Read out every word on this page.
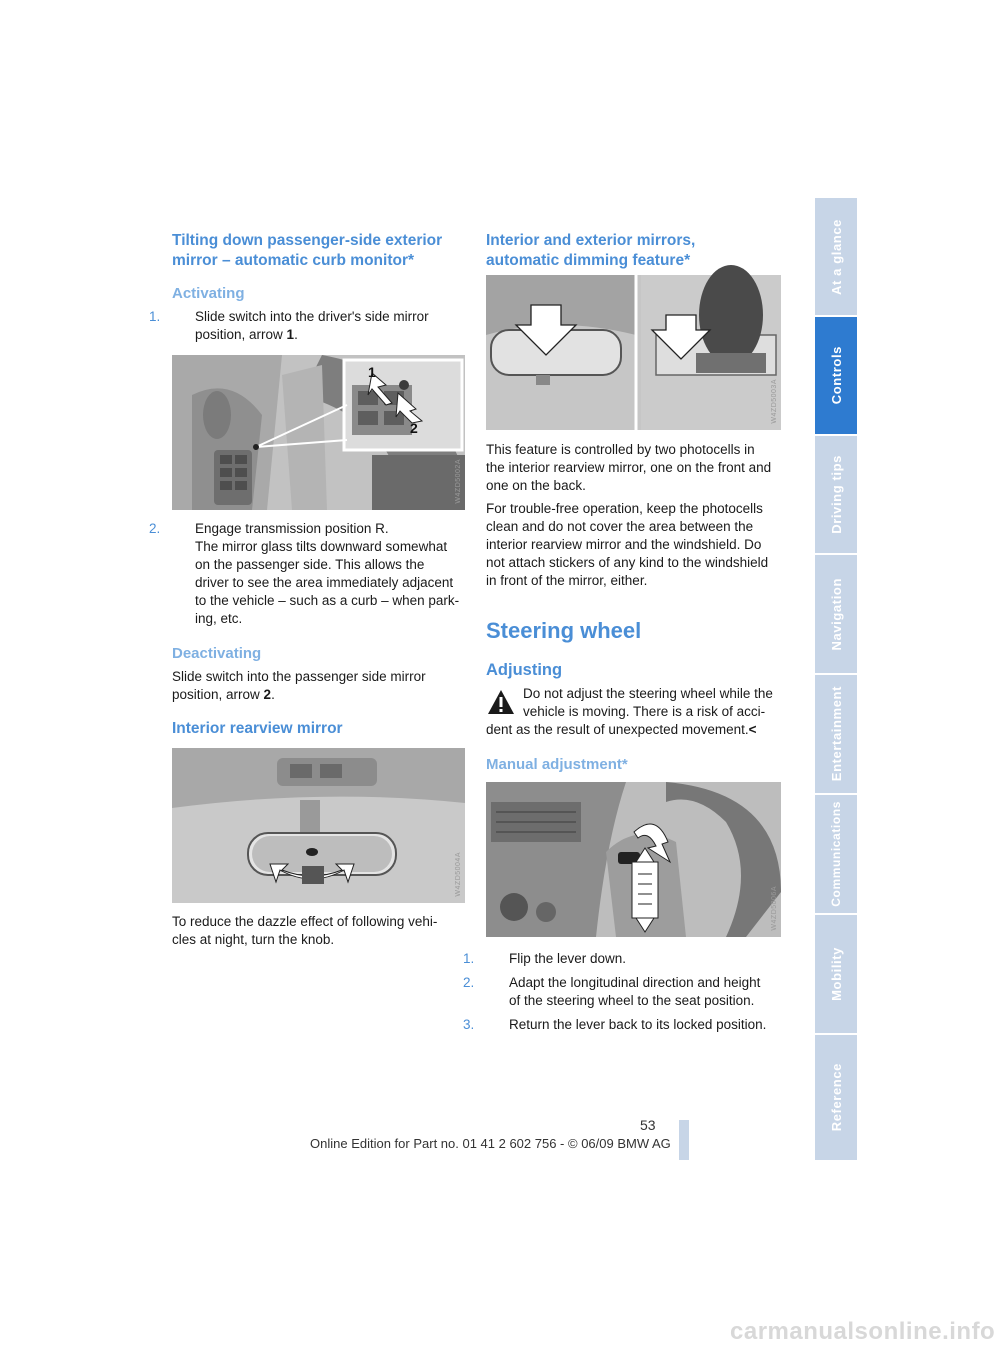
Tilting down passenger-side exterior
mirror – automatic curb monitor*
Activating
1.	Slide switch into the driver's side mirror
position, arrow 1.
1
2
W4ZD5002A
2.	Engage transmission position R.
The mirror glass tilts downward somewhat
on the passenger side. This allows the
driver to see the area immediately adjacent
to the vehicle – such as a curb – when park-
ing, etc.
Deactivating
Slide switch into the passenger side mirror
position, arrow 2.
Interior rearview mirror
W4ZD5004A
To reduce the dazzle effect of following vehi-
cles at night, turn the knob.
Interior and exterior mirrors,
automatic dimming feature*
W4ZD5003A
This feature is controlled by two photocells in
the interior rearview mirror, one on the front and
one on the back.
For trouble-free operation, keep the photocells
clean and do not cover the area between the
interior rearview mirror and the windshield. Do
not attach stickers of any kind to the windshield
in front of the mirror, either.
Steering wheel
Adjusting
Do not adjust the steering wheel while the
vehicle is moving. There is a risk of acci-
dent as the result of unexpected movement.<
Manual adjustment*
W4ZD5006A
1.	Flip the lever down.
2.	Adapt the longitudinal direction and height
of the steering wheel to the seat position.
3.	Return the lever back to its locked position.
At a glance
Controls
Driving tips
Navigation
Entertainment
Communications
Mobility
Reference
53
Online Edition for Part no. 01 41 2 602 756 - © 06/09 BMW AG
carmanualsonline.info
